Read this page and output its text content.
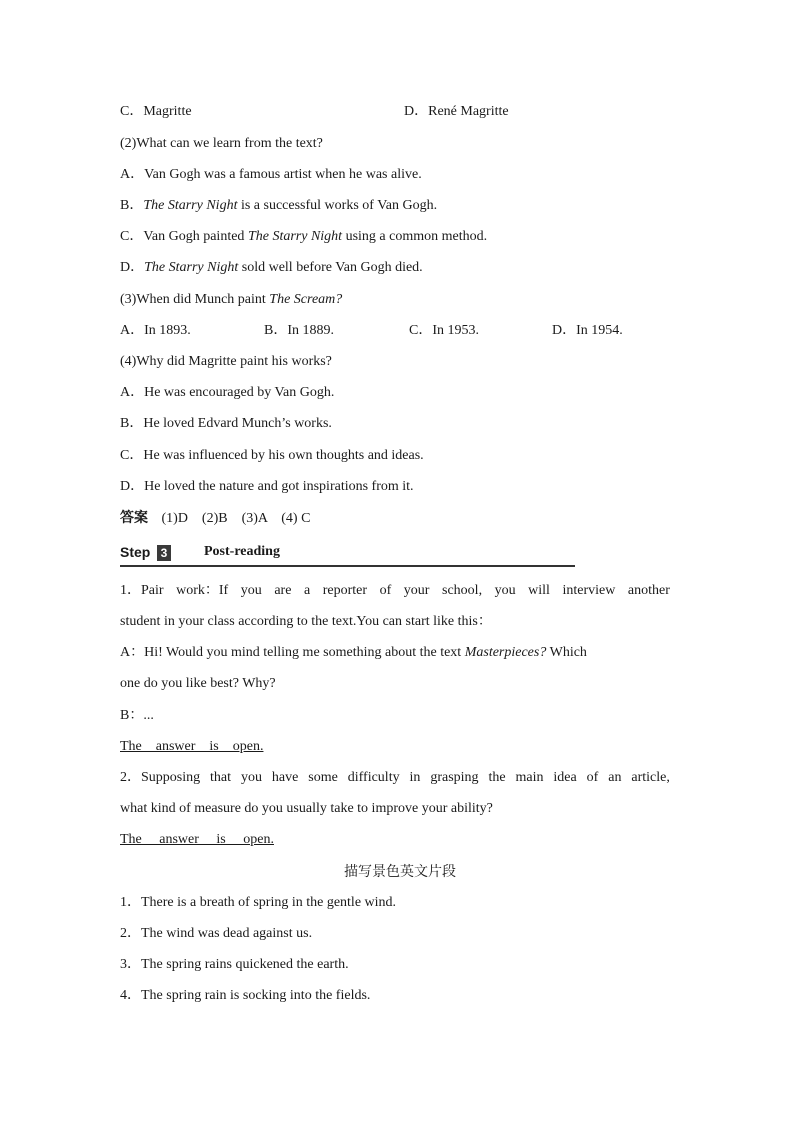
C．Magritte	D．René Magritte
(2)What can we learn from the text?
A．Van Gogh was a famous artist when he was alive.
B．The Starry Night is a successful works of Van Gogh.
C．Van Gogh painted The Starry Night using a common method.
D．The Starry Night sold well before Van Gogh died.
(3)When did Munch paint The Scream?
A．In 1893.	B．In 1889.	C．In 1953.	D．In 1954.
(4)Why did Magritte paint his works?
A．He was encouraged by Van Gogh.
B．He loved Edvard Munch’s works.
C．He was influenced by his own thoughts and ideas.
D．He loved the nature and got inspirations from it.
答案 (1)D　(2)B　(3)A　(4) C
Step 3	Post-reading
1．Pair work：If you are a reporter of your school, you will interview another
student in your class according to the text.You can start like this：
A：Hi! Would you mind telling me something about the text Masterpieces? Which
one do you like best? Why?
B：...
The　answer　is　open.
2．Supposing that you have some difficulty in grasping the main idea of an article,
what kind of measure do you usually take to improve your ability?
The　 answer　 is　 open.
描写景色英文片段
1．There is a breath of spring in the gentle wind.
2．The wind was dead against us.
3．The spring rains quickened the earth.
4．The spring rain is socking into the fields.
